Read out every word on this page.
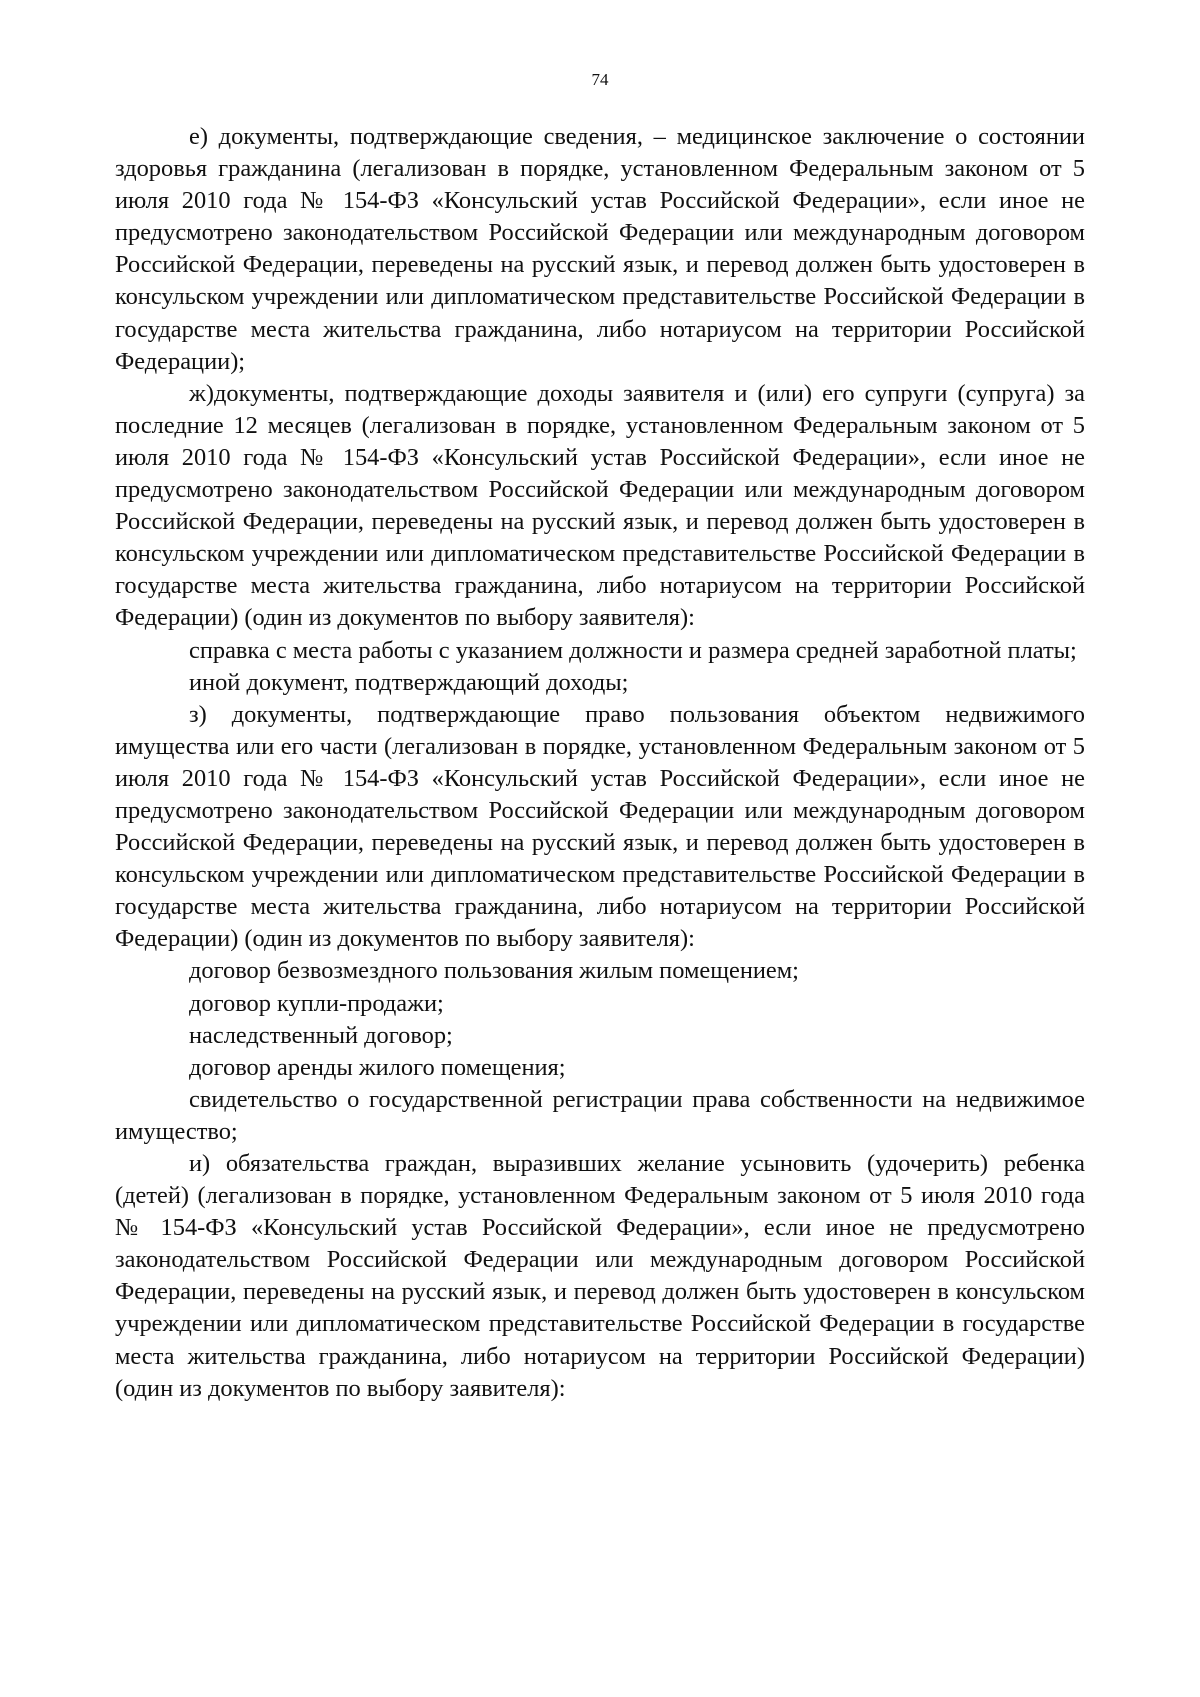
74

е) документы, подтверждающие сведения, – медицинское заключение о состоянии здоровья гражданина (легализован в порядке, установленном Федеральным законом от 5 июля 2010 года № 154-ФЗ «Консульский устав Российской Федерации», если иное не предусмотрено законодательством Российской Федерации или международным договором Российской Федерации, переведены на русский язык, и перевод должен быть удостоверен в консульском учреждении или дипломатическом представительстве Российской Федерации в государстве места жительства гражданина, либо нотариусом на территории Российской Федерации);

ж)документы, подтверждающие доходы заявителя и (или) его супруги (супруга) за последние 12 месяцев (легализован в порядке, установленном Федеральным законом от 5 июля 2010 года № 154-ФЗ «Консульский устав Российской Федерации», если иное не предусмотрено законодательством Российской Федерации или международным договором Российской Федерации, переведены на русский язык, и перевод должен быть удостоверен в консульском учреждении или дипломатическом представительстве Российской Федерации в государстве места жительства гражданина, либо нотариусом на территории Российской Федерации) (один из документов по выбору заявителя):

справка с места работы с указанием должности и размера средней заработной платы;

иной документ, подтверждающий доходы;

з) документы, подтверждающие право пользования объектом недвижимого имущества или его части (легализован в порядке, установленном Федеральным законом от 5 июля 2010 года № 154-ФЗ «Консульский устав Российской Федерации», если иное не предусмотрено законодательством Российской Федерации или международным договором Российской Федерации, переведены на русский язык, и перевод должен быть удостоверен в консульском учреждении или дипломатическом представительстве Российской Федерации в государстве места жительства гражданина, либо нотариусом на территории Российской Федерации) (один из документов по выбору заявителя):

договор безвозмездного пользования жилым помещением;

договор купли-продажи;

наследственный договор;

договор аренды жилого помещения;

свидетельство о государственной регистрации права собственности на недвижимое имущество;

и) обязательства граждан, выразивших желание усыновить (удочерить) ребенка (детей) (легализован в порядке, установленном Федеральным законом от 5 июля 2010 года № 154-ФЗ «Консульский устав Российской Федерации», если иное не предусмотрено законодательством Российской Федерации или международным договором Российской Федерации, переведены на русский язык, и перевод должен быть удостоверен в консульском учреждении или дипломатическом представительстве Российской Федерации в государстве места жительства гражданина, либо нотариусом на территории Российской Федерации) (один из документов по выбору заявителя):
